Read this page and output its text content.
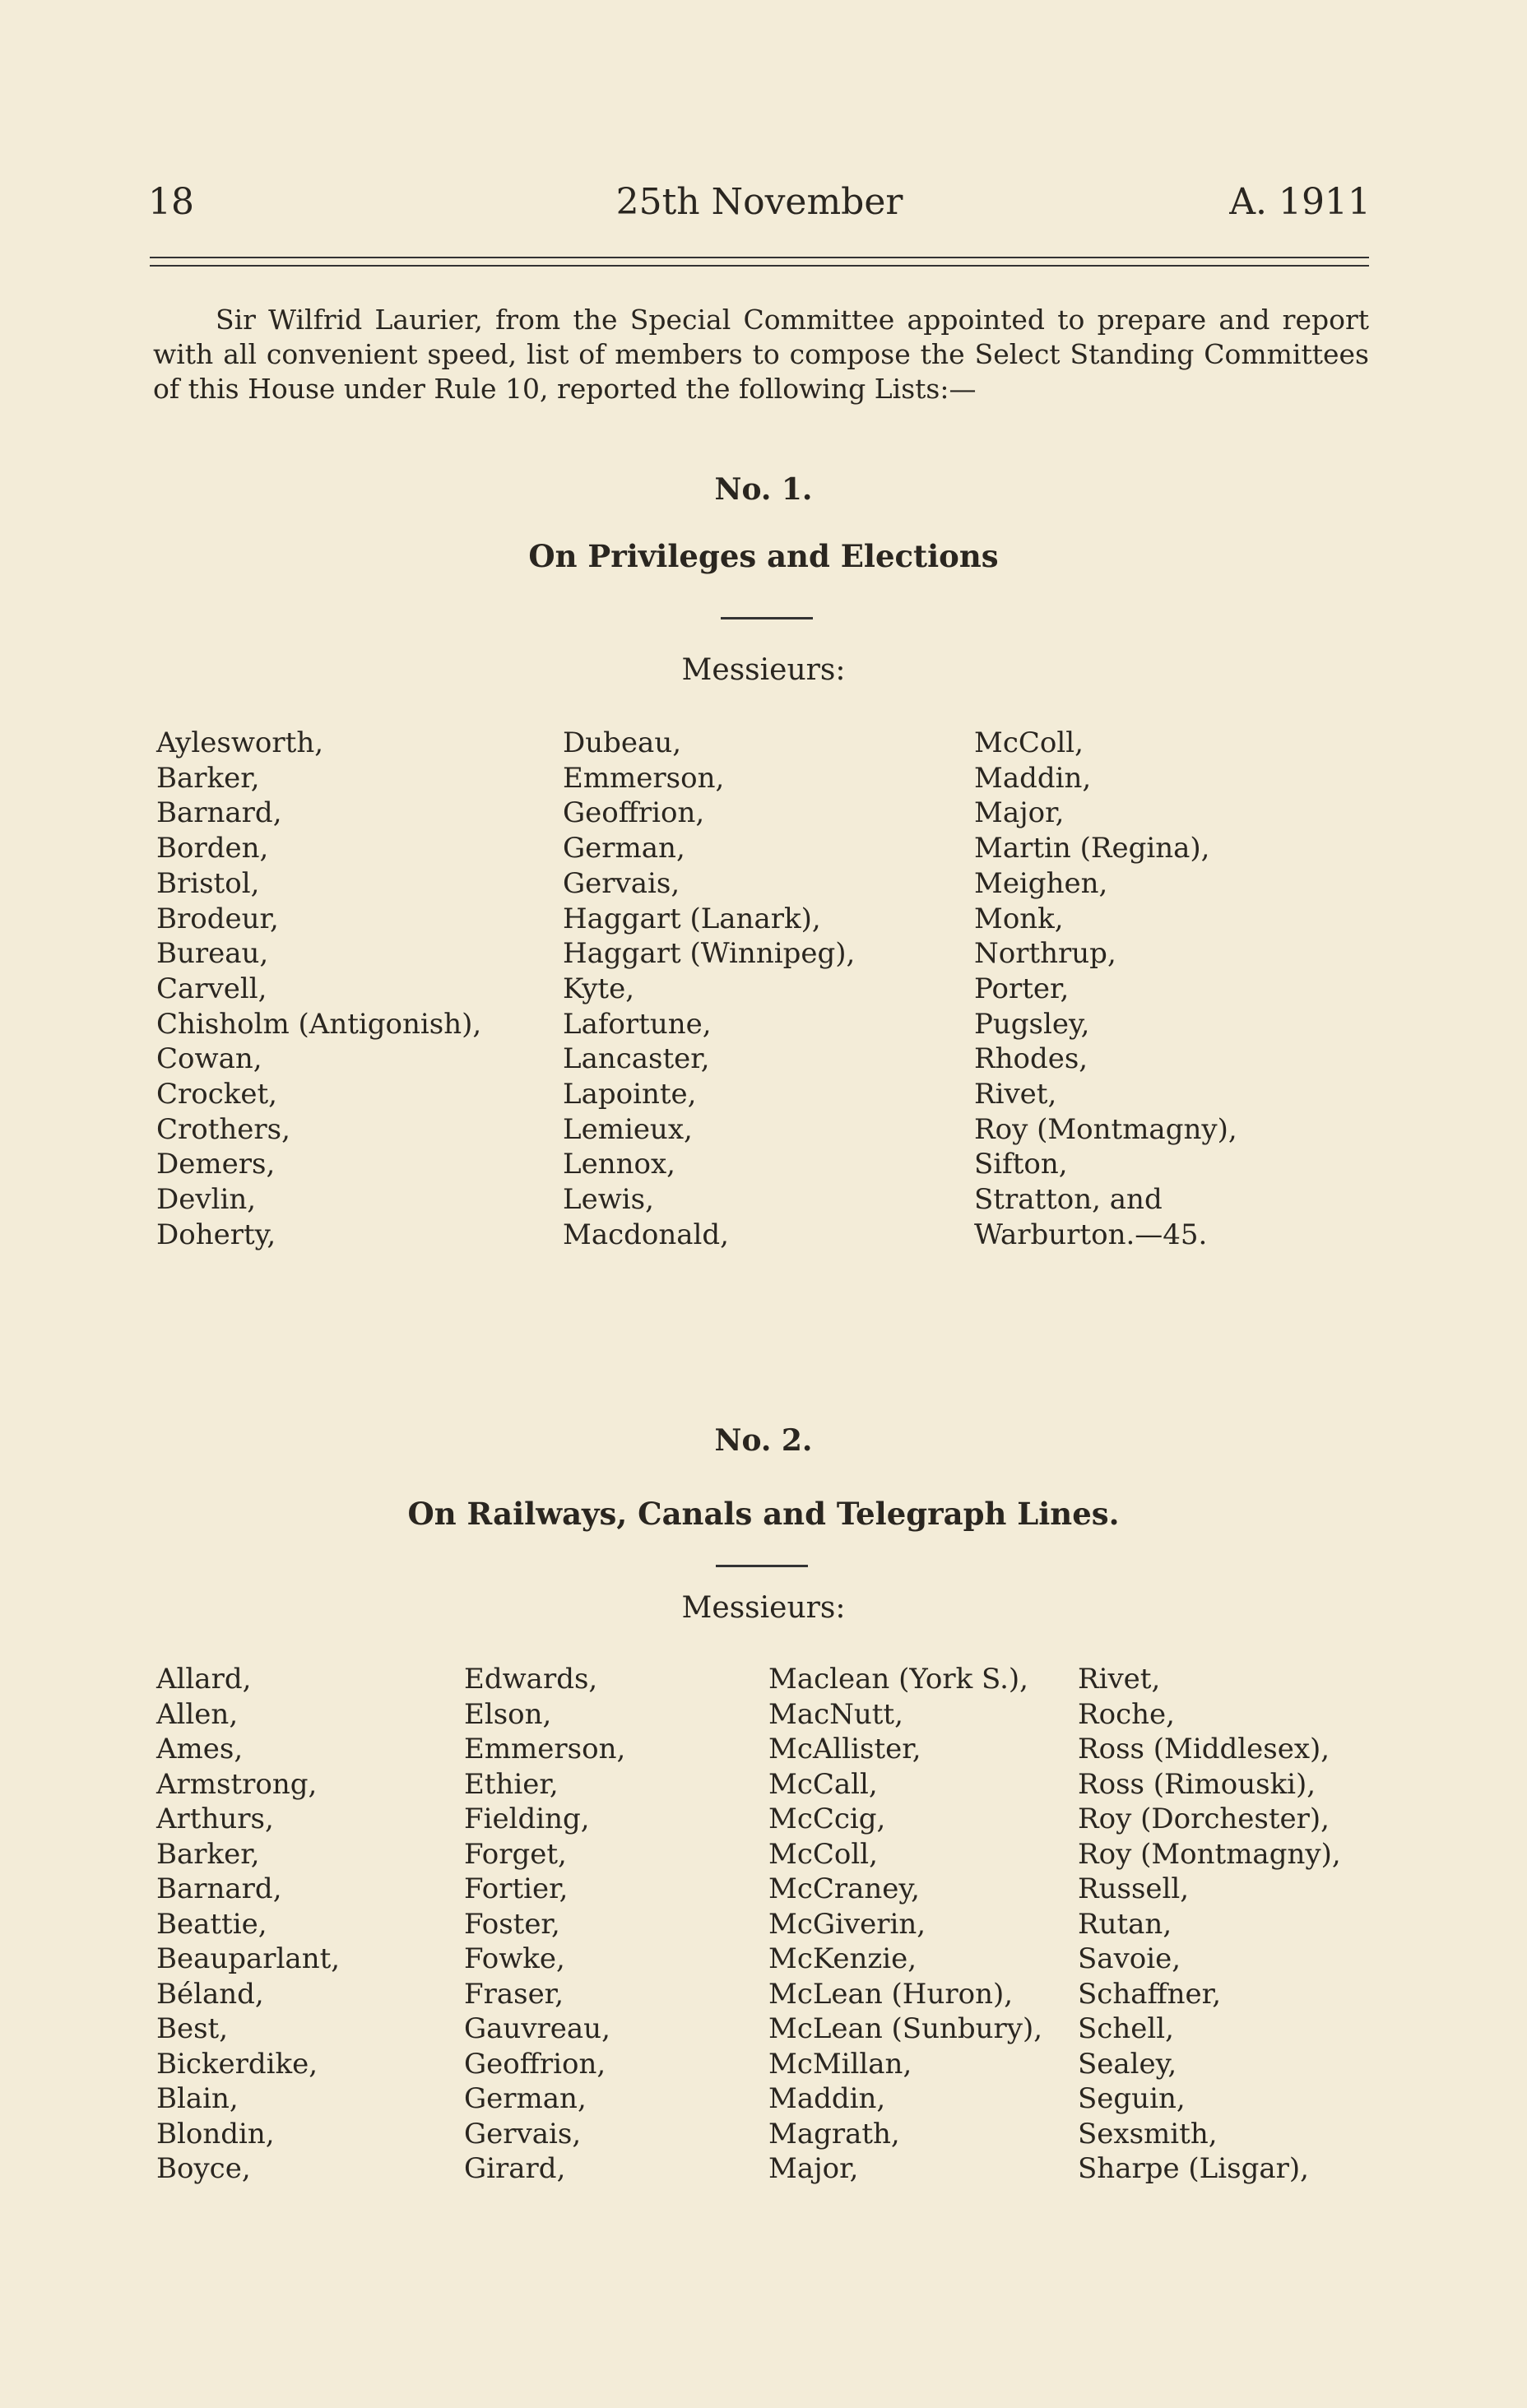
18	25th November	A. 1911

Sir Wilfrid Laurier, from the Special Committee appointed to prepare and report with all convenient speed, list of members to compose the Select Standing Committees of this House under Rule 10, reported the following Lists:—

No. 1.
On Privileges and Elections
Messieurs:
Aylesworth,
Barker,
Barnard,
Borden,
Bristol,
Brodeur,
Bureau,
Carvell,
Chisholm (Antigonish),
Cowan,
Crocket,
Crothers,
Demers,
Devlin,
Doherty,
Dubeau,
Emmerson,
Geoffrion,
German,
Gervais,
Haggart (Lanark),
Haggart (Winnipeg),
Kyte,
Lafortune,
Lancaster,
Lapointe,
Lemieux,
Lennox,
Lewis,
Macdonald,
McColl,
Maddin,
Major,
Martin (Regina),
Meighen,
Monk,
Northrup,
Porter,
Pugsley,
Rhodes,
Rivet,
Roy (Montmagny),
Sifton,
Stratton, and
Warburton.—45.
No. 2.
On Railways, Canals and Telegraph Lines.
Messieurs:
Allard,
Allen,
Ames,
Armstrong,
Arthurs,
Barker,
Barnard,
Beattie,
Beauparlant,
Béland,
Best,
Bickerdike,
Blain,
Blondin,
Boyce,
Edwards,
Elson,
Emmerson,
Ethier,
Fielding,
Forget,
Fortier,
Foster,
Fowke,
Fraser,
Gauvreau,
Geoffrion,
German,
Gervais,
Girard,
Maclean (York S.),
MacNutt,
McAllister,
McCall,
McCcig,
McColl,
McCraney,
McGiverin,
McKenzie,
McLean (Huron),
McLean (Sunbury),
McMillan,
Maddin,
Magrath,
Major,
Rivet,
Roche,
Ross (Middlesex),
Ross (Rimouski),
Roy (Dorchester),
Roy (Montmagny),
Russell,
Rutan,
Savoie,
Schaffner,
Schell,
Sealey,
Seguin,
Sexsmith,
Sharpe (Lisgar),
